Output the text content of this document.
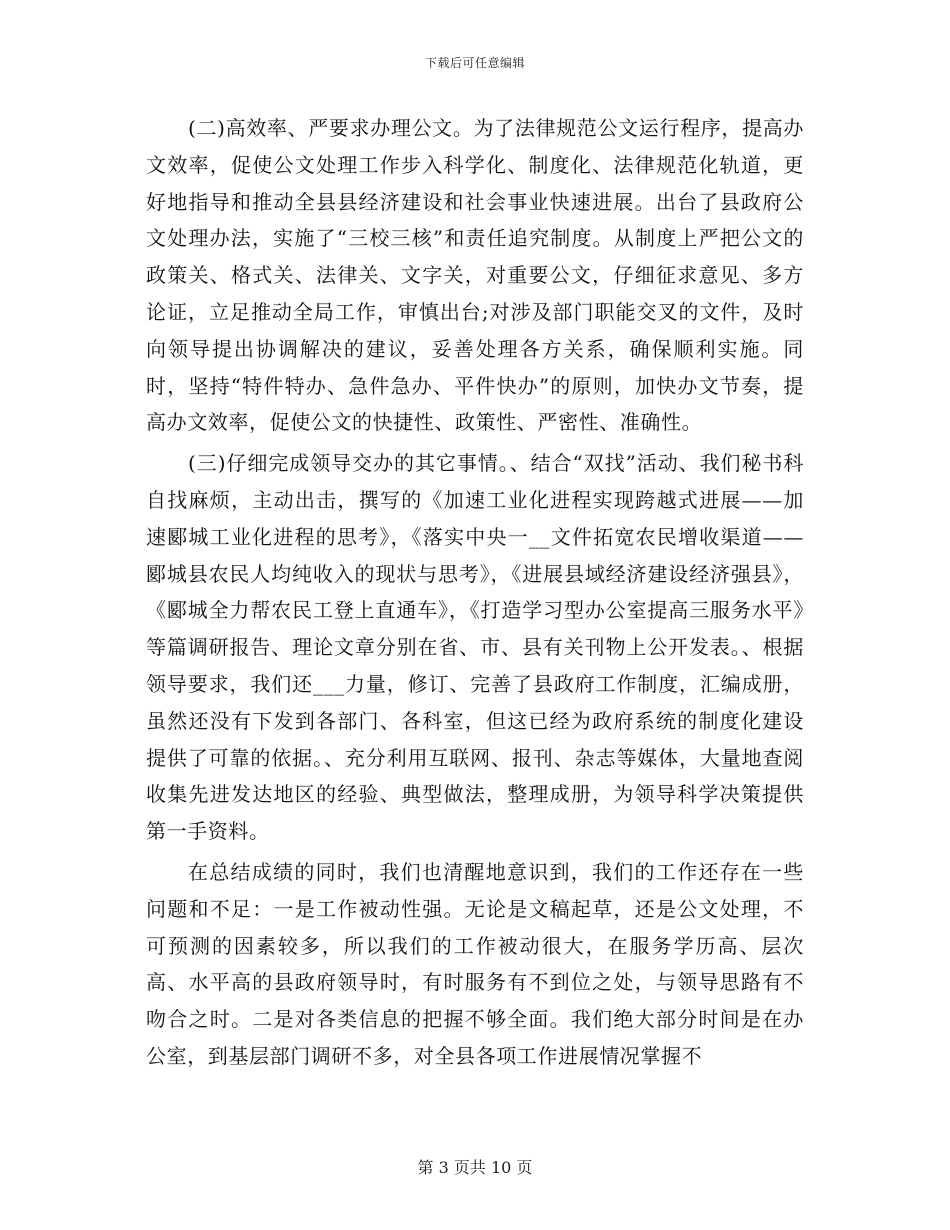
下载后可任意编辑

(二)高效率、严要求办理公文。为了法律规范公文运行程序，提高办文效率，促使公文处理工作步入科学化、制度化、法律规范化轨道，更好地指导和推动全县县经济建设和社会事业快速进展。出台了县政府公文处理办法，实施了“三校三核”和责任追究制度。从制度上严把公文的政策关、格式关、法律关、文字关，对重要公文，仔细征求意见、多方论证，立足推动全局工作，审慎出台;对涉及部门职能交叉的文件，及时向领导提出协调解决的建议，妥善处理各方关系，确保顺利实施。同时，坚持“特件特办、急件急办、平件快办”的原则，加快办文节奏，提高办文效率，促使公文的快捷性、政策性、严密性、准确性。

(三)仔细完成领导交办的其它事情。、结合“双找”活动、我们秘书科自找麻烦，主动出击，撰写的《加速工业化进程实现跨越式进展——加速郾城工业化进程的思考》，《落实中央一__文件拓宽农民增收渠道——郾城县农民人均纯收入的现状与思考》，《进展县域经济建设经济强县》，《郾城全力帮农民工登上直通车》，《打造学习型办公室提高三服务水平》等篇调研报告、理论文章分别在省、市、县有关刊物上公开发表。、根据领导要求，我们还___力量，修订、完善了县政府工作制度，汇编成册，虽然还没有下发到各部门、各科室，但这已经为政府系统的制度化建设提供了可靠的依据。、充分利用互联网、报刊、杂志等媒体，大量地查阅收集先进发达地区的经验、典型做法，整理成册，为领导科学决策提供第一手资料。

在总结成绩的同时，我们也清醒地意识到，我们的工作还存在一些问题和不足：一是工作被动性强。无论是文稿起草，还是公文处理，不可预测的因素较多，所以我们的工作被动很大，在服务学历高、层次高、水平高的县政府领导时，有时服务有不到位之处，与领导思路有不吻合之时。二是对各类信息的把握不够全面。我们绝大部分时间是在办公室，到基层部门调研不多，对全县各项工作进展情况掌握不

第 3 页共 10 页
